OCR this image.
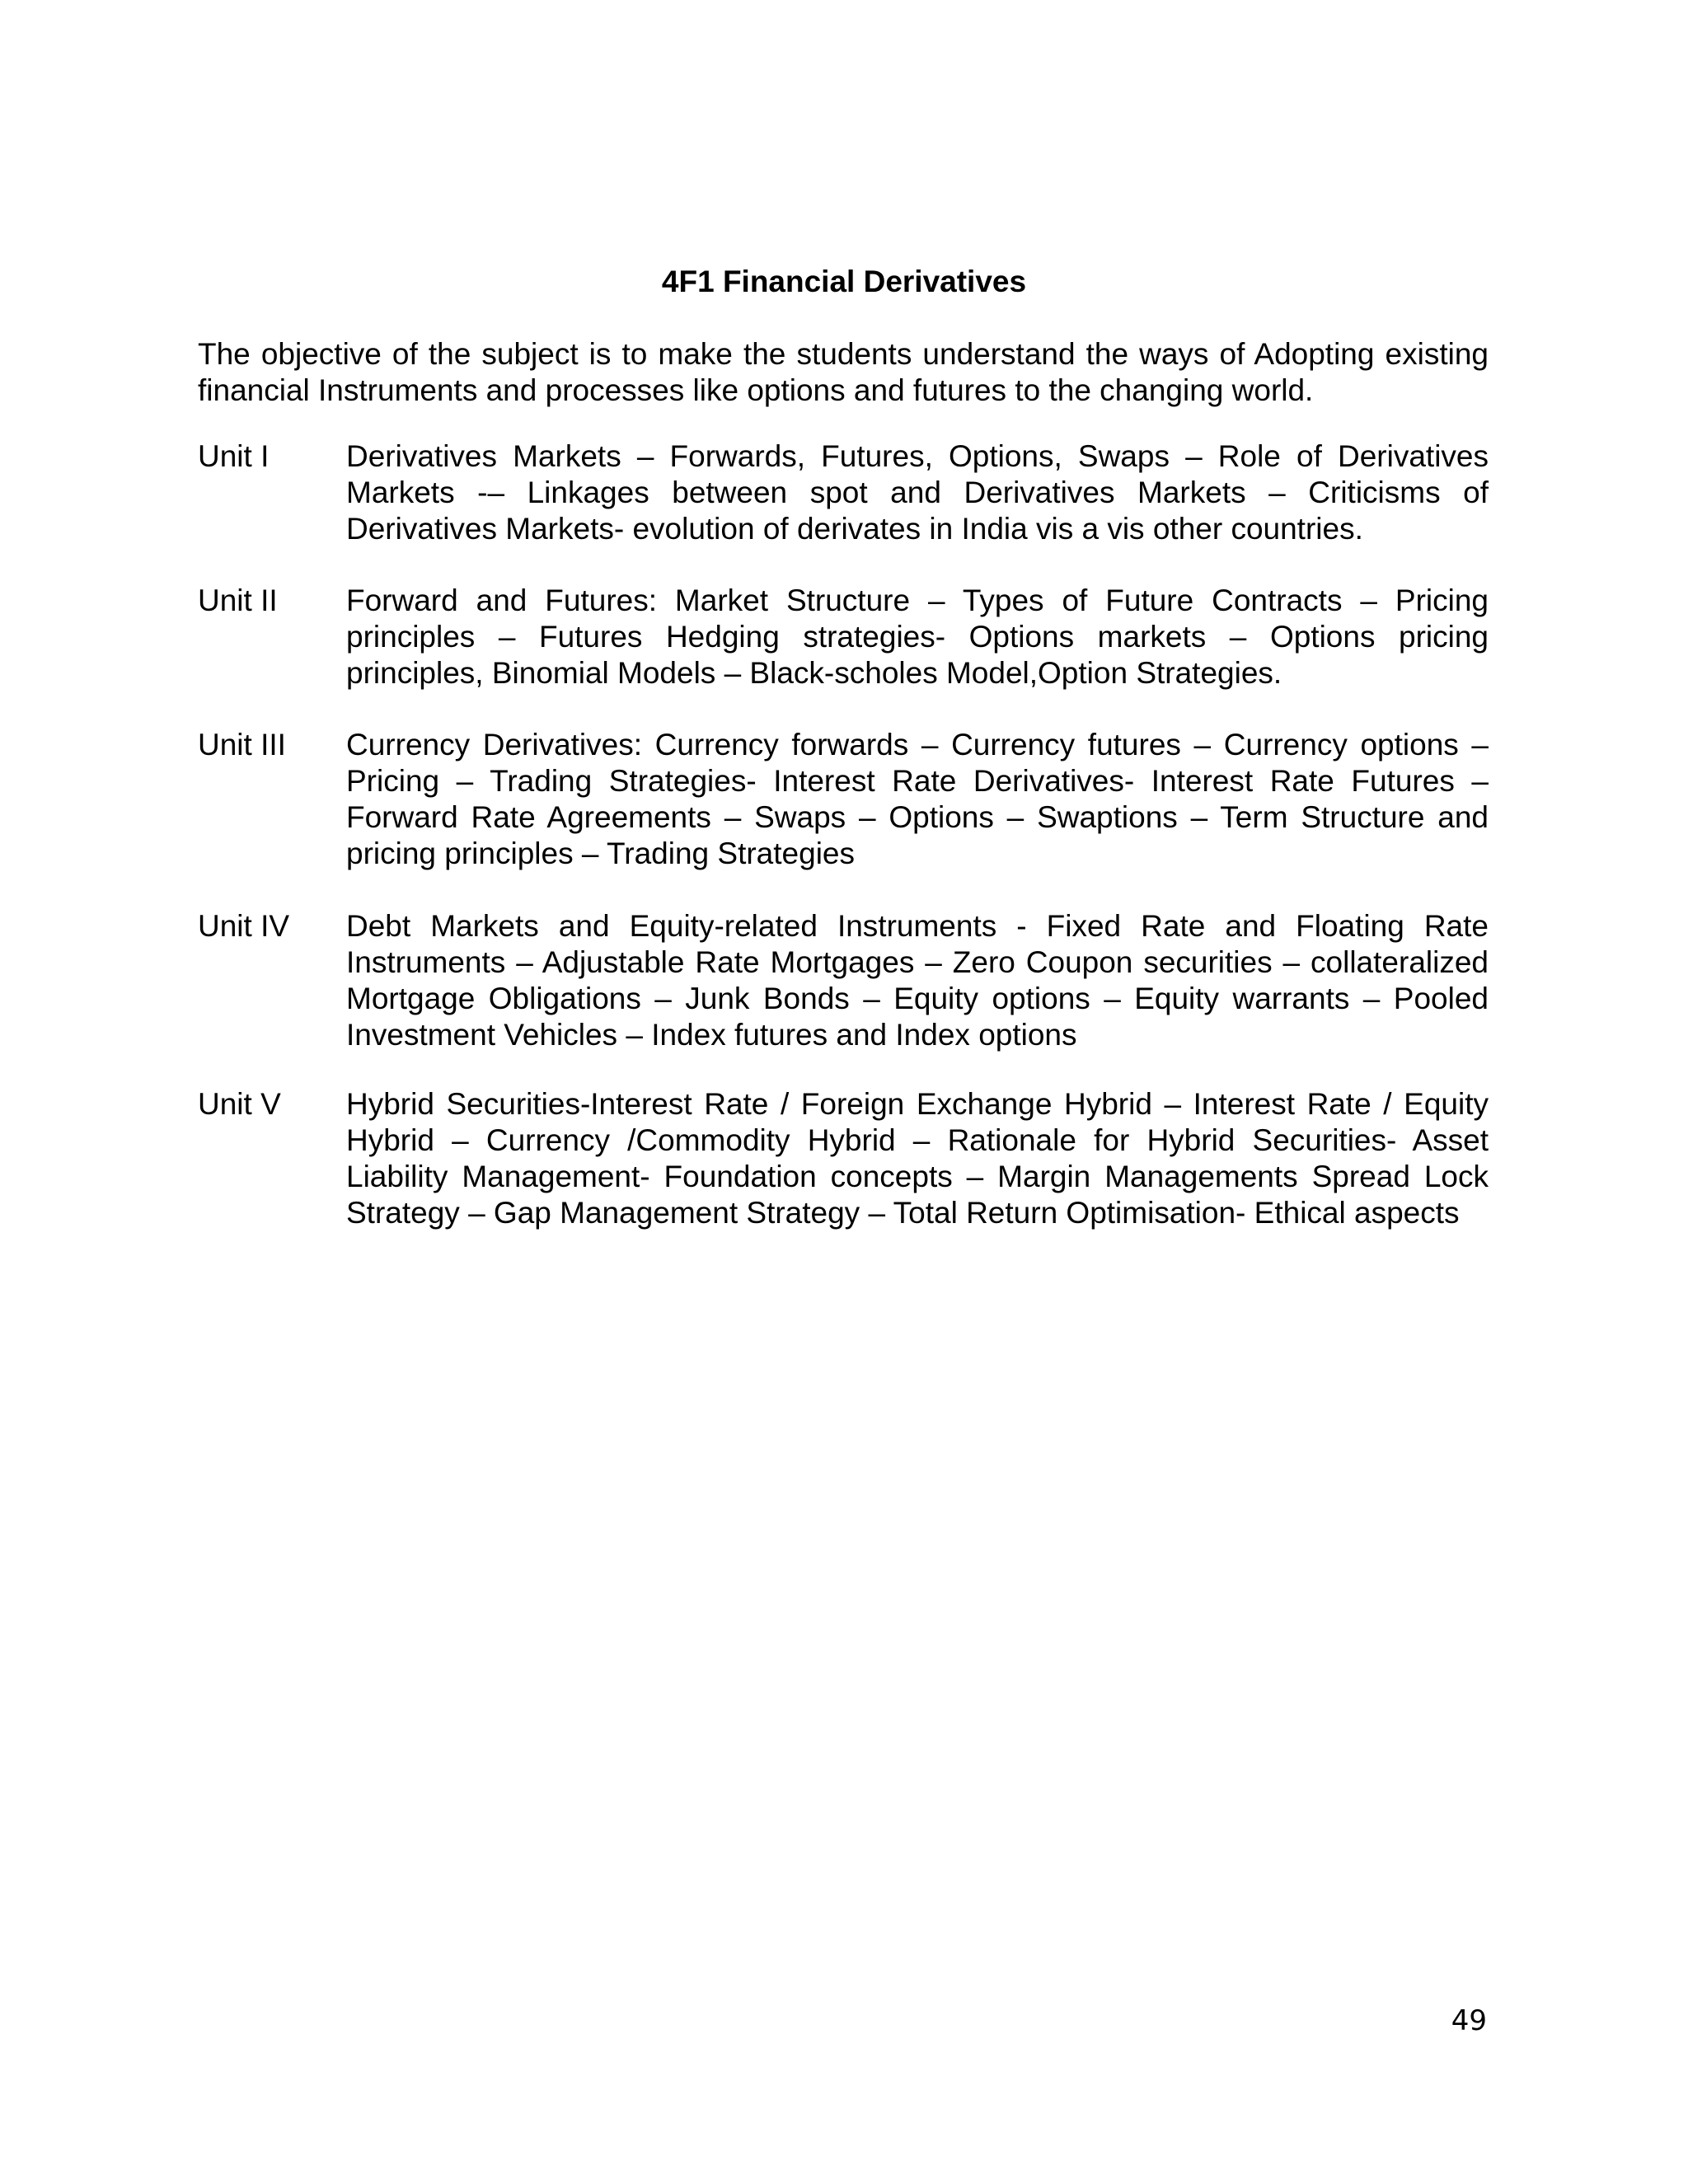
4F1 Financial Derivatives
The objective of the subject is to make the students understand the ways of Adopting existing financial Instruments and processes like options and futures to the changing world.
Unit I	Derivatives Markets – Forwards, Futures, Options, Swaps – Role of Derivatives Markets -– Linkages between spot and Derivatives Markets – Criticisms of Derivatives Markets- evolution of derivates in India vis a vis other countries.
Unit II Forward and Futures: Market Structure – Types of Future Contracts – Pricing principles – Futures Hedging strategies- Options markets – Options pricing principles, Binomial Models – Black-scholes Model,Option Strategies.
Unit III Currency Derivatives: Currency forwards – Currency futures – Currency options – Pricing – Trading Strategies- Interest Rate Derivatives- Interest Rate Futures – Forward Rate Agreements – Swaps – Options – Swaptions – Term Structure and pricing principles – Trading Strategies
Unit IV Debt Markets and Equity-related Instruments - Fixed Rate and Floating Rate Instruments – Adjustable Rate Mortgages – Zero Coupon securities – collateralized Mortgage Obligations – Junk Bonds – Equity options – Equity warrants – Pooled Investment Vehicles – Index futures and Index options
Unit V Hybrid Securities-Interest Rate / Foreign Exchange Hybrid – Interest Rate / Equity Hybrid – Currency /Commodity Hybrid – Rationale for Hybrid Securities- Asset Liability Management- Foundation concepts – Margin Managements Spread Lock Strategy – Gap Management Strategy – Total Return Optimisation- Ethical aspects
49
